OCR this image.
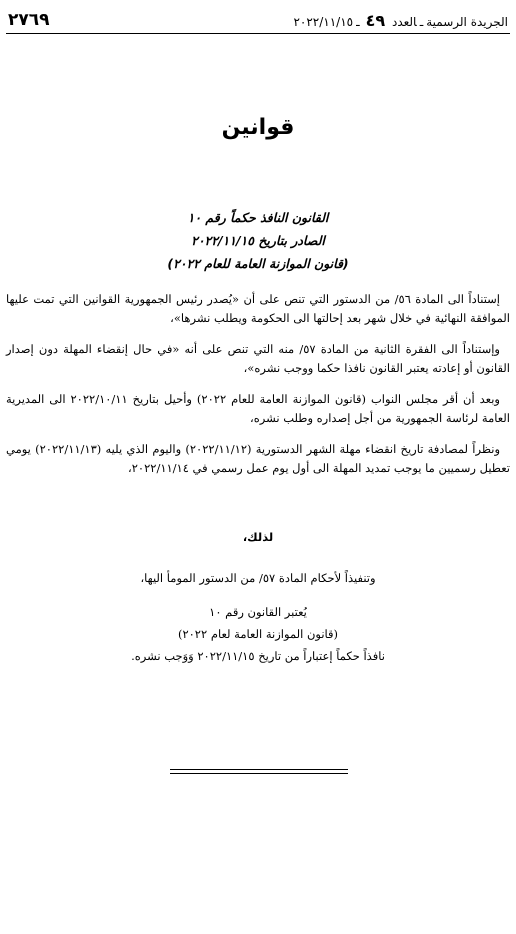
الجريدة الرسميةـالعدد ٤٩ـ٢٠٢٢/١١/١٥
٢٧٦٩
قوانين
القانون النافذ حكماً رقم ١٠
الصادر بتاريخ ٢٠٢٢/١١/١٥
(قانون الموازنة العامة للعام ٢٠٢٢)

إستناداً الى المادة ٥٦/ من الدستور التي تنص على أن «يُصدر رئيس الجمهورية القوانين التي تمت عليها الموافقة النهائية في خلال شهر بعد إحالتها الى الحكومة ويطلب نشرها»،

وإستناداً الى الفقرة الثانية من المادة ٥٧/ منه التي تنص على أنه «في حال إنقضاء المهلة دون إصدار القانون أو إعادته يعتبر القانون نافذا حكما ووجب نشره»،

وبعد أن أقر مجلس النواب (قانون الموازنة العامة للعام ٢٠٢٢) وأحيل بتاريخ ٢٠٢٢/١٠/١١ الى المديرية العامة لرئاسة الجمهورية من أجل إصداره وطلب نشره،

ونظراً لمصادفة تاريخ انقضاء مهلة الشهر الدستورية (٢٠٢٢/١١/١٢) واليوم الذي يليه (٢٠٢٢/١١/١٣) يومي تعطيل رسميين ما يوجب تمديد المهلة الى أول يوم عمل رسمي في ٢٠٢٢/١١/١٤،

لذلك،
وتنفيذاً لأحكام المادة ٥٧/ من الدستور المومأ اليها،
يُعتبر القانون رقم ١٠
(قانون الموازنة العامة لعام ٢٠٢٢)
نافذاً حكماً إعتباراً من تاريخ ٢٠٢٢/١١/١٥ وَوَجب نشره.
